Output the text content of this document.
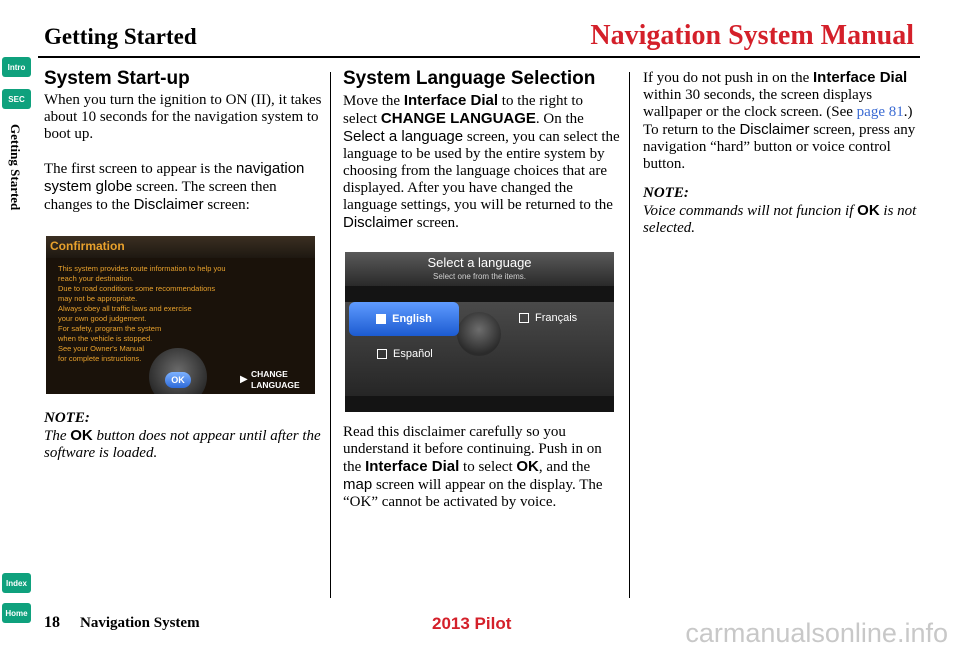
Getting Started	Navigation System Manual
Intro
SEC
Getting Started
Index
Home
System Start-up

When you turn the ignition to ON (II), it takes about 10 seconds for the navigation system to boot up.

The first screen to appear is the navigation system globe screen. The screen then changes to the Disclaimer screen:

Confirmation
This system provides route information to help you
reach your destination.
Due to road conditions some recommendations
may not be appropriate.
Always obey all traffic laws and exercise
your own good judgement.
For safety, program the system
when the vehicle is stopped.
See your Owner's Manual
for complete instructions.
OK	▶ CHANGE
LANGUAGE

NOTE:

The OK button does not appear until after the software is loaded.

System Language Selection

Move the Interface Dial to the right to select CHANGE LANGUAGE. On the Select a language screen, you can select the language to be used by the entire system by choosing from the language choices that are displayed. After you have changed the language settings, you will be returned to the Disclaimer screen.

Select a language
Select one from the items.
English	Français
Español

Read this disclaimer carefully so you understand it before continuing. Push in on the Interface Dial to select OK, and the map screen will appear on the display. The “OK” cannot be activated by voice.

If you do not push in on the Interface Dial within 30 seconds, the screen displays wallpaper or the clock screen. (See page 81.) To return to the Disclaimer screen, press any navigation “hard” button or voice control button.

NOTE:

Voice commands will not funcion if OK is not selected.

18 Navigation System	2013 Pilot	carmanualsonline.info
